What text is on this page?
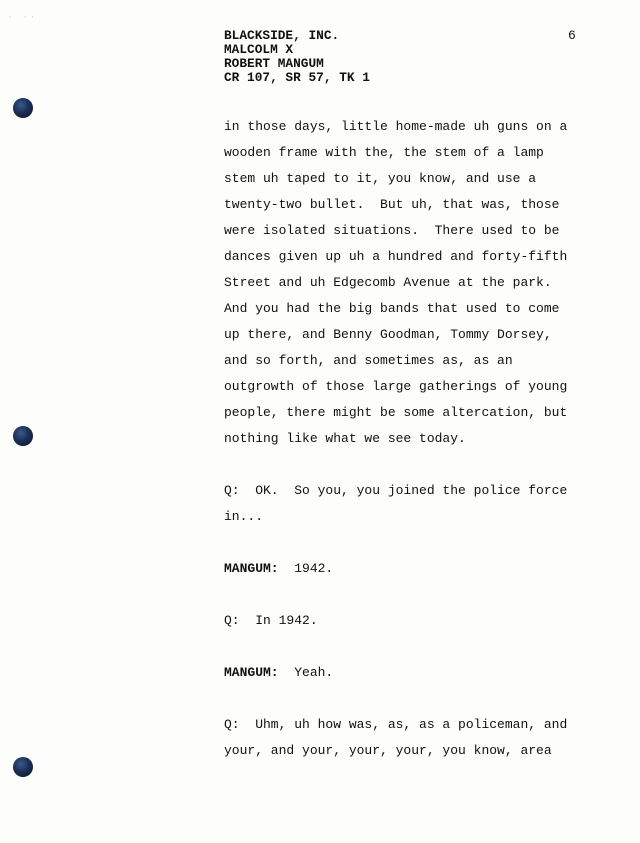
· ··
BLACKSIDE, INC.
MALCOLM X
ROBERT MANGUM
CR 107, SR 57, TK 1
6
in those days, little home-made uh guns on a
wooden frame with the, the stem of a lamp
stem uh taped to it, you know, and use a
twenty-two bullet.  But uh, that was, those
were isolated situations.  There used to be
dances given up uh a hundred and forty-fifth
Street and uh Edgecomb Avenue at the park.
And you had the big bands that used to come
up there, and Benny Goodman, Tommy Dorsey,
and so forth, and sometimes as, as an
outgrowth of those large gatherings of young
people, there might be some altercation, but
nothing like what we see today.
Q:  OK.  So you, you joined the police force
in...
MANGUM:  1942.
Q:  In 1942.
MANGUM:  Yeah.
Q:  Uhm, uh how was, as, as a policeman, and
your, and your, your, your, you know, area
